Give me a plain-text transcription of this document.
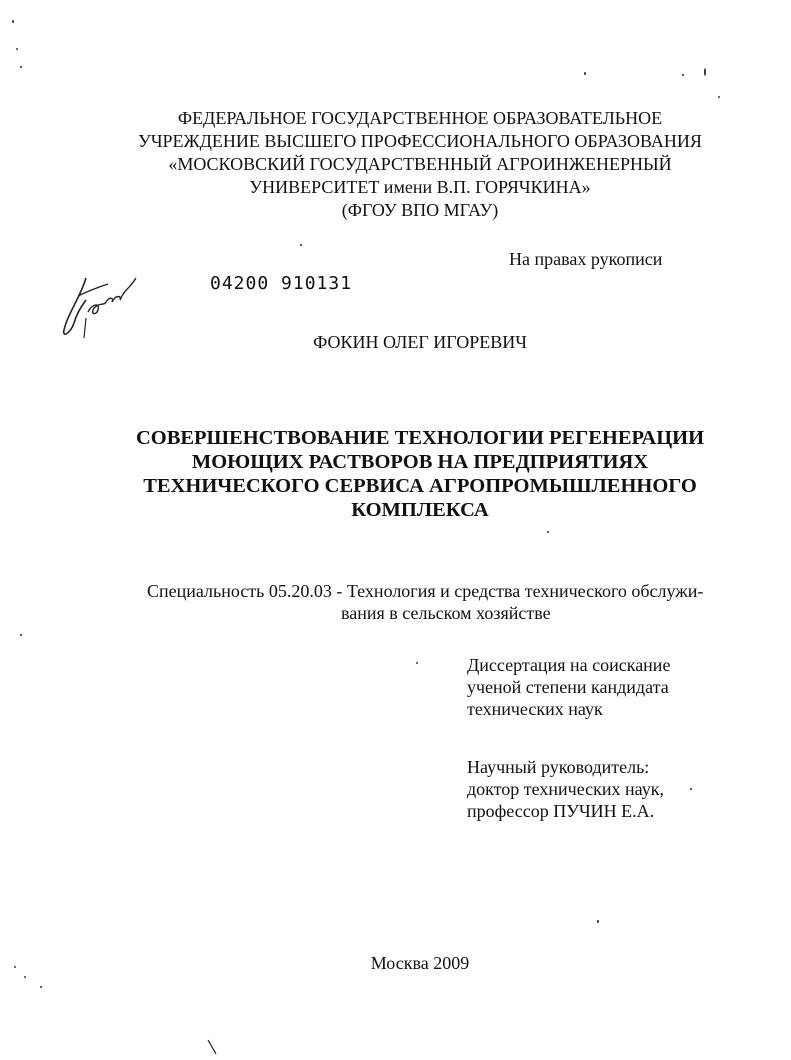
ФЕДЕРАЛЬНОЕ ГОСУДАРСТВЕННОЕ ОБРАЗОВАТЕЛЬНОЕ
УЧРЕЖДЕНИЕ ВЫСШЕГО ПРОФЕССИОНАЛЬНОГО ОБРАЗОВАНИЯ
«МОСКОВСКИЙ ГОСУДАРСТВЕННЫЙ АГРОИНЖЕНЕРНЫЙ
УНИВЕРСИТЕТ имени В.П. ГОРЯЧКИНА»
(ФГОУ ВПО МГАУ)
На правах рукописи
04200 910131
ФОКИН ОЛЕГ ИГОРЕВИЧ
СОВЕРШЕНСТВОВАНИЕ ТЕХНОЛОГИИ РЕГЕНЕРАЦИИ
МОЮЩИХ РАСТВОРОВ НА ПРЕДПРИЯТИЯХ
ТЕХНИЧЕСКОГО СЕРВИСА АГРОПРОМЫШЛЕННОГО
КОМПЛЕКСА
Специальность 05.20.03 - Технология и средства технического обслужи-
вания в сельском хозяйстве
Диссертация на соискание
ученой степени кандидата
технических наук
Научный руководитель:
доктор технических наук,
профессор ПУЧИН Е.А.
Москва 2009
